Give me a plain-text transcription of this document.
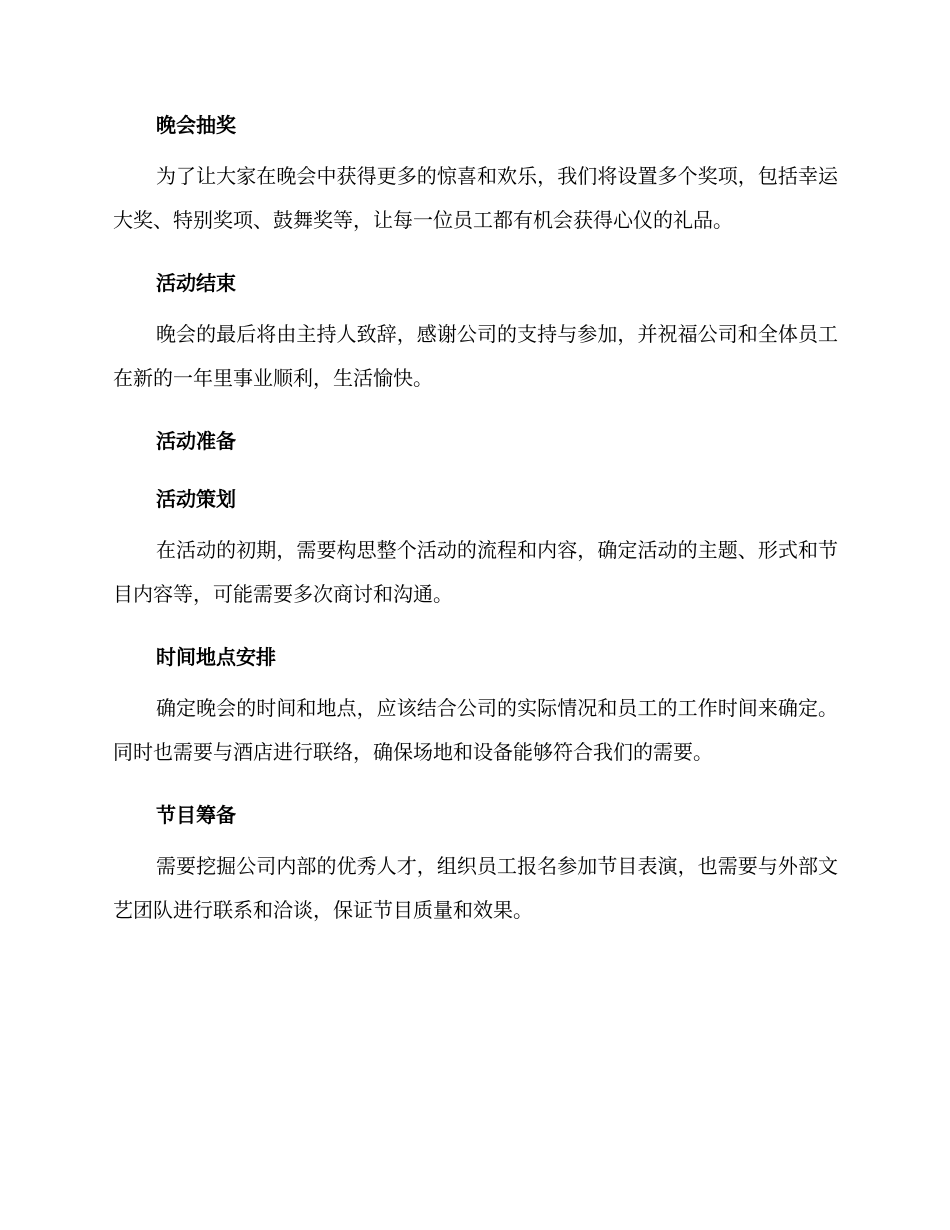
晚会抽奖

为了让大家在晚会中获得更多的惊喜和欢乐，我们将设置多个奖项，包括幸运大奖、特别奖项、鼓舞奖等，让每一位员工都有机会获得心仪的礼品。

活动结束

晚会的最后将由主持人致辞，感谢公司的支持与参加，并祝福公司和全体员工在新的一年里事业顺利，生活愉快。

活动准备
活动策划

在活动的初期，需要构思整个活动的流程和内容，确定活动的主题、形式和节目内容等，可能需要多次商讨和沟通。

时间地点安排

确定晚会的时间和地点，应该结合公司的实际情况和员工的工作时间来确定。同时也需要与酒店进行联络，确保场地和设备能够符合我们的需要。

节目筹备

需要挖掘公司内部的优秀人才，组织员工报名参加节目表演，也需要与外部文艺团队进行联系和洽谈，保证节目质量和效果。
